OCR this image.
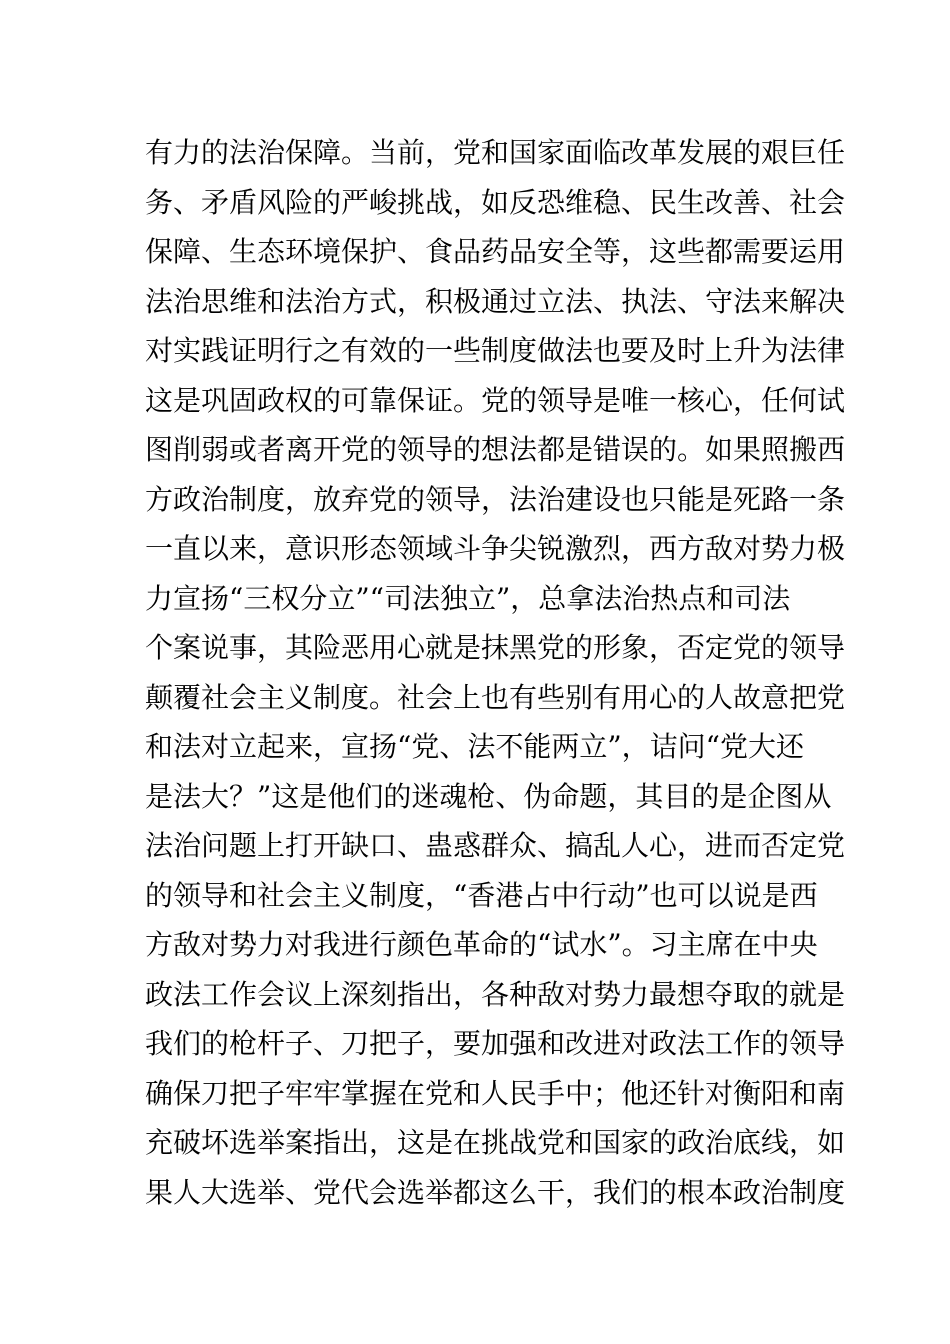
有力的法治保障。当前，党和国家面临改革发展的艰巨任
务、矛盾风险的严峻挑战，如反恐维稳、民生改善、社会
保障、生态环境保护、食品药品安全等，这些都需要运用
法治思维和法治方式，积极通过立法、执法、守法来解决
对实践证明行之有效的一些制度做法也要及时上升为法律
这是巩固政权的可靠保证。党的领导是唯一核心，任何试
图削弱或者离开党的领导的想法都是错误的。如果照搬西
方政治制度，放弃党的领导，法治建设也只能是死路一条
一直以来，意识形态领域斗争尖锐激烈，西方敌对势力极
力宣扬“三权分立”“司法独立”，总拿法治热点和司法
个案说事，其险恶用心就是抹黑党的形象，否定党的领导
颠覆社会主义制度。社会上也有些别有用心的人故意把党
和法对立起来，宣扬“党、法不能两立”，诘问“党大还
是法大？”这是他们的迷魂枪、伪命题，其目的是企图从
法治问题上打开缺口、蛊惑群众、搞乱人心，进而否定党
的领导和社会主义制度，“香港占中行动”也可以说是西
方敌对势力对我进行颜色革命的“试水”。习主席在中央
政法工作会议上深刻指出，各种敌对势力最想夺取的就是
我们的枪杆子、刀把子，要加强和改进对政法工作的领导
确保刀把子牢牢掌握在党和人民手中；他还针对衡阳和南
充破坏选举案指出，这是在挑战党和国家的政治底线，如
果人大选举、党代会选举都这么干，我们的根本政治制度
